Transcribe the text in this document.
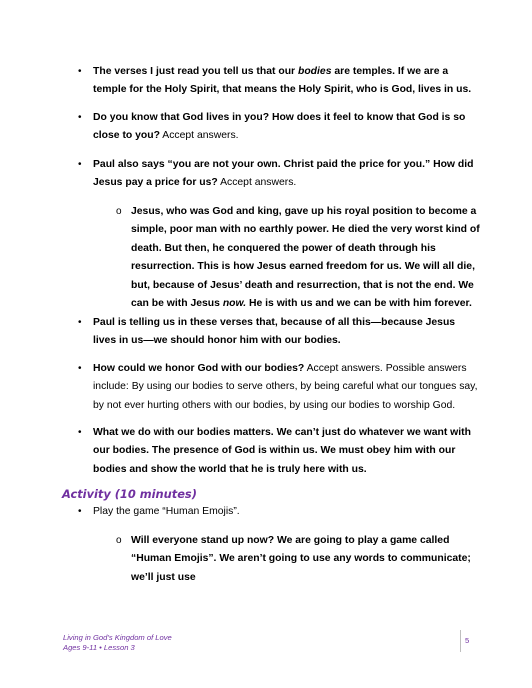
• The verses I just read you tell us that our bodies are temples. If we are a temple for the Holy Spirit, that means the Holy Spirit, who is God, lives in us.
• Do you know that God lives in you? How does it feel to know that God is so close to you? Accept answers.
• Paul also says “you are not your own. Christ paid the price for you.” How did Jesus pay a price for us? Accept answers.
o Jesus, who was God and king, gave up his royal position to become a simple, poor man with no earthly power. He died the very worst kind of death. But then, he conquered the power of death through his resurrection. This is how Jesus earned freedom for us. We will all die, but, because of Jesus’ death and resurrection, that is not the end. We can be with Jesus now. He is with us and we can be with him forever.
• Paul is telling us in these verses that, because of all this—because Jesus lives in us—we should honor him with our bodies.
• How could we honor God with our bodies? Accept answers. Possible answers include: By using our bodies to serve others, by being careful what our tongues say, by not ever hurting others with our bodies, by using our bodies to worship God.
• What we do with our bodies matters. We can’t just do whatever we want with our bodies. The presence of God is within us. We must obey him with our bodies and show the world that he is truly here with us.
• Play the game “Human Emojis”.
o Will everyone stand up now? We are going to play a game called “Human Emojis”. We aren’t going to use any words to communicate; we’ll just use
Activity (10 minutes)
Living in God’s Kingdom of Love
Ages 9-11 • Lesson 3
5
